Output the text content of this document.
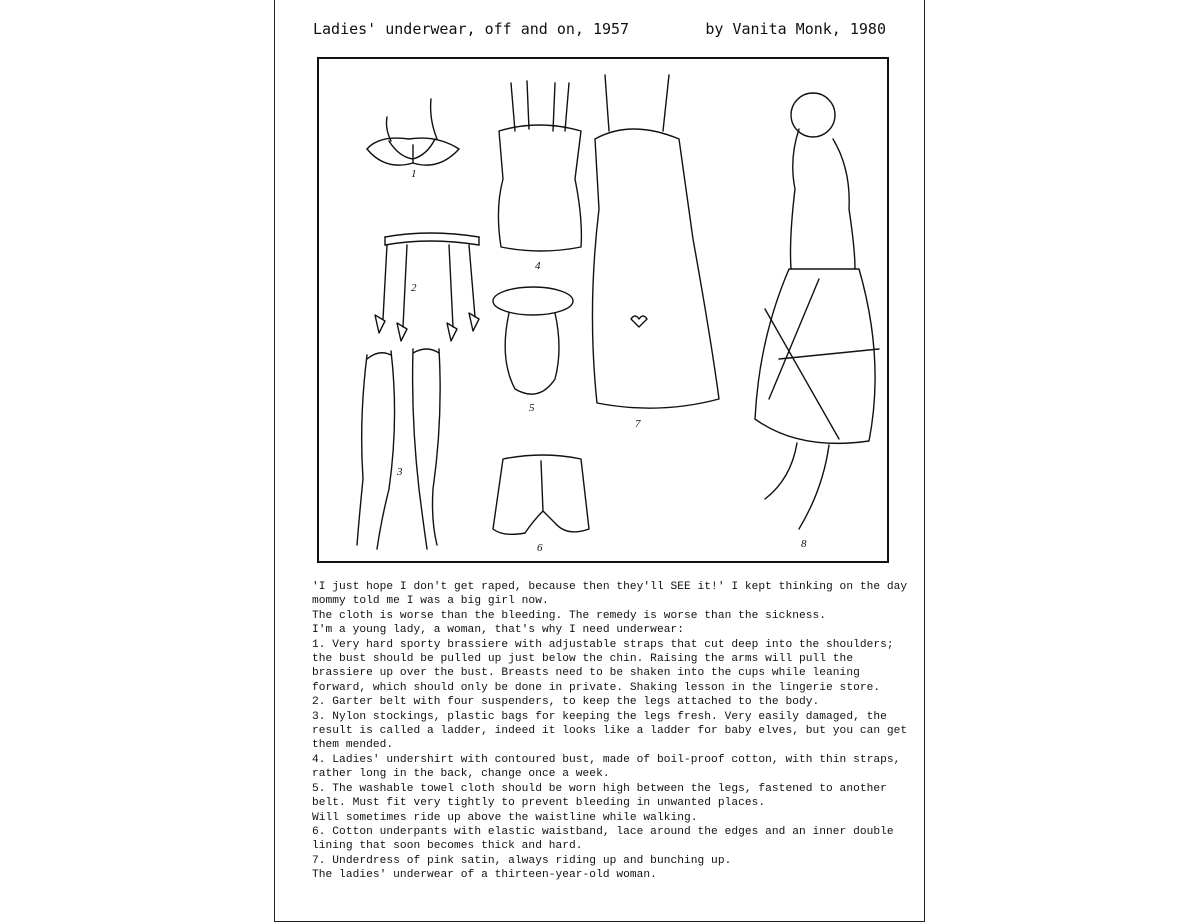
Ladies' underwear, off and on, 1957	by Vanita Monk, 1980
1
2
3
4
5
6
7
8
'I just hope I don't get raped, because then they'll SEE it!' I kept thinking on the day
mommy told me I was a big girl now.
The cloth is worse than the bleeding. The remedy is worse than the sickness.
I'm a young lady, a woman, that's why I need underwear:
1. Very hard sporty brassiere with adjustable straps that cut deep into the shoulders;
the bust should be pulled up just below the chin. Raising the arms will pull the
brassiere up over the bust. Breasts need to be shaken into the cups while leaning
forward, which should only be done in private. Shaking lesson in the lingerie store.
2. Garter belt with four suspenders, to keep the legs attached to the body.
3. Nylon stockings, plastic bags for keeping the legs fresh. Very easily damaged, the
result is called a ladder, indeed it looks like a ladder for baby elves, but you can get
them mended.
4. Ladies' undershirt with contoured bust, made of boil-proof cotton, with thin straps,
rather long in the back, change once a week.
5. The washable towel cloth should be worn high between the legs, fastened to another
belt. Must fit very tightly to prevent bleeding in unwanted places.
Will sometimes ride up above the waistline while walking.
6. Cotton underpants with elastic waistband, lace around the edges and an inner double
lining that soon becomes thick and hard.
7. Underdress of pink satin, always riding up and bunching up.
The ladies' underwear of a thirteen-year-old woman.
